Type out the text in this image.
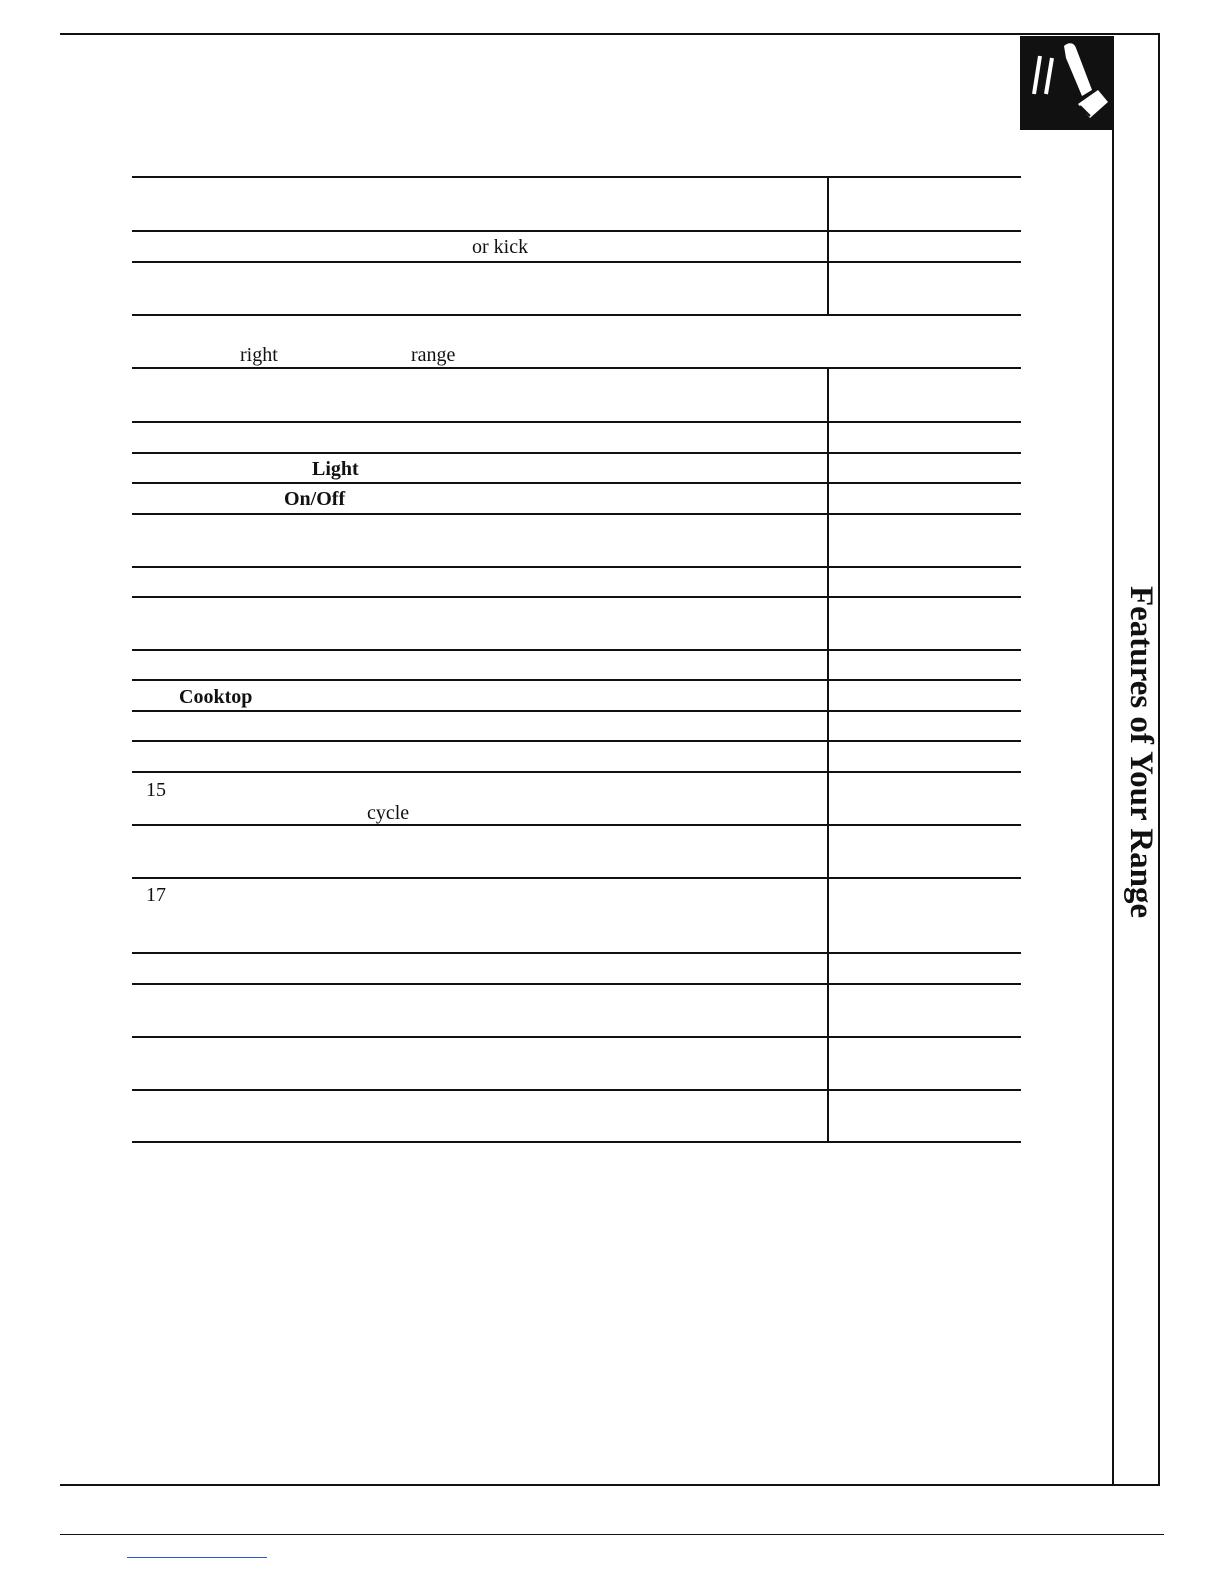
Features of Your Range
or kick
right	range
Light
On/Off
Cooktop
15
cycle
17
